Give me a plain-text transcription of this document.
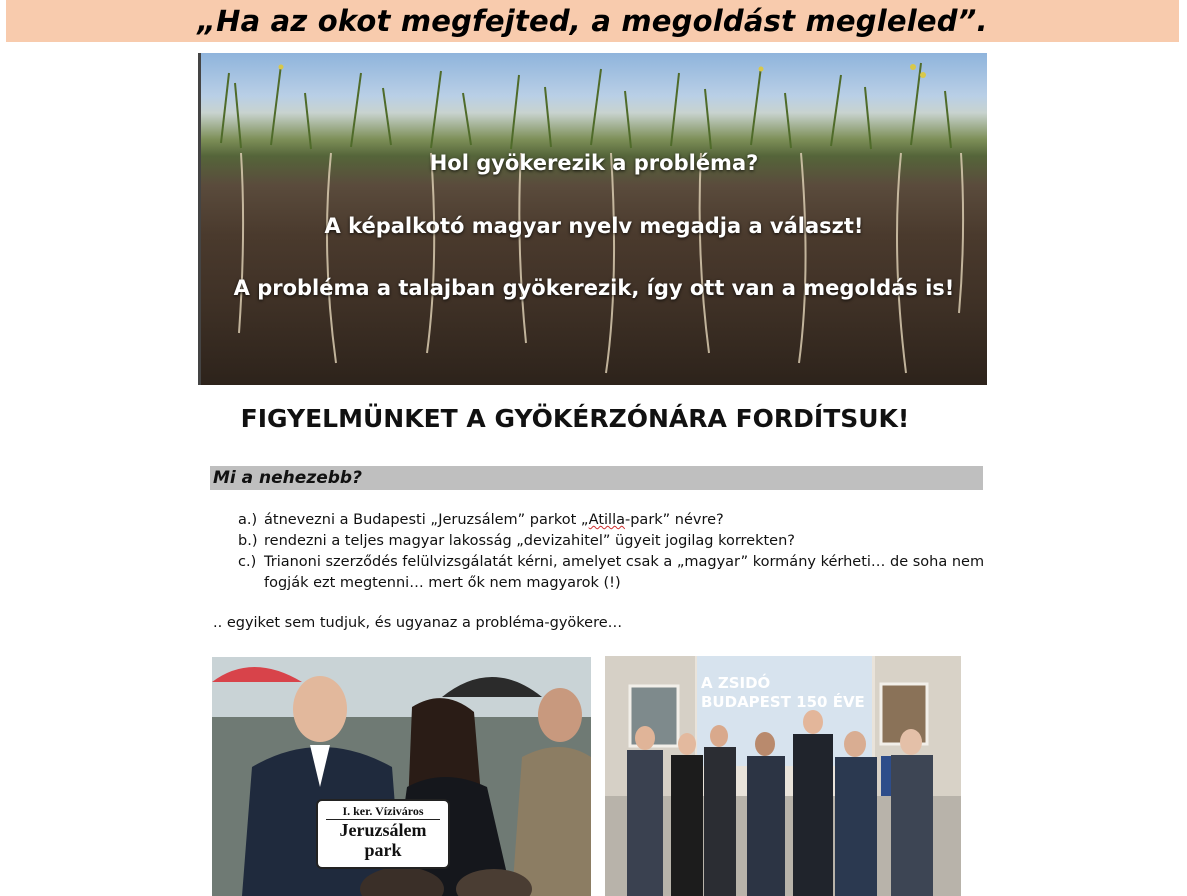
„Ha az okot megfejted, a megoldást megleled”.
Hol gyökerezik a probléma?
A képalkotó magyar nyelv megadja a választ!
A probléma a talajban gyökerezik, így ott van a megoldás is!
FIGYELMÜNKET A GYÖKÉRZÓNÁRA FORDÍTSUK!
Mi a nehezebb?
a.) átnevezni a Budapesti „Jeruzsálem” parkot „Atilla-park” névre?
b.) rendezni a teljes magyar lakosság „devizahitel” ügyeit jogilag korrekten?
c.) Trianoni szerződés felülvizsgálatát kérni, amelyet csak a „magyar” kormány kérheti… de soha nem fogják ezt megtenni… mert ők nem magyarok (!)
.. egyiket sem tudjuk, és ugyanaz a probléma-gyökere…
I. ker. Víziváros
Jeruzsálem
park
A ZSIDÓ
BUDAPEST 150 ÉVE
